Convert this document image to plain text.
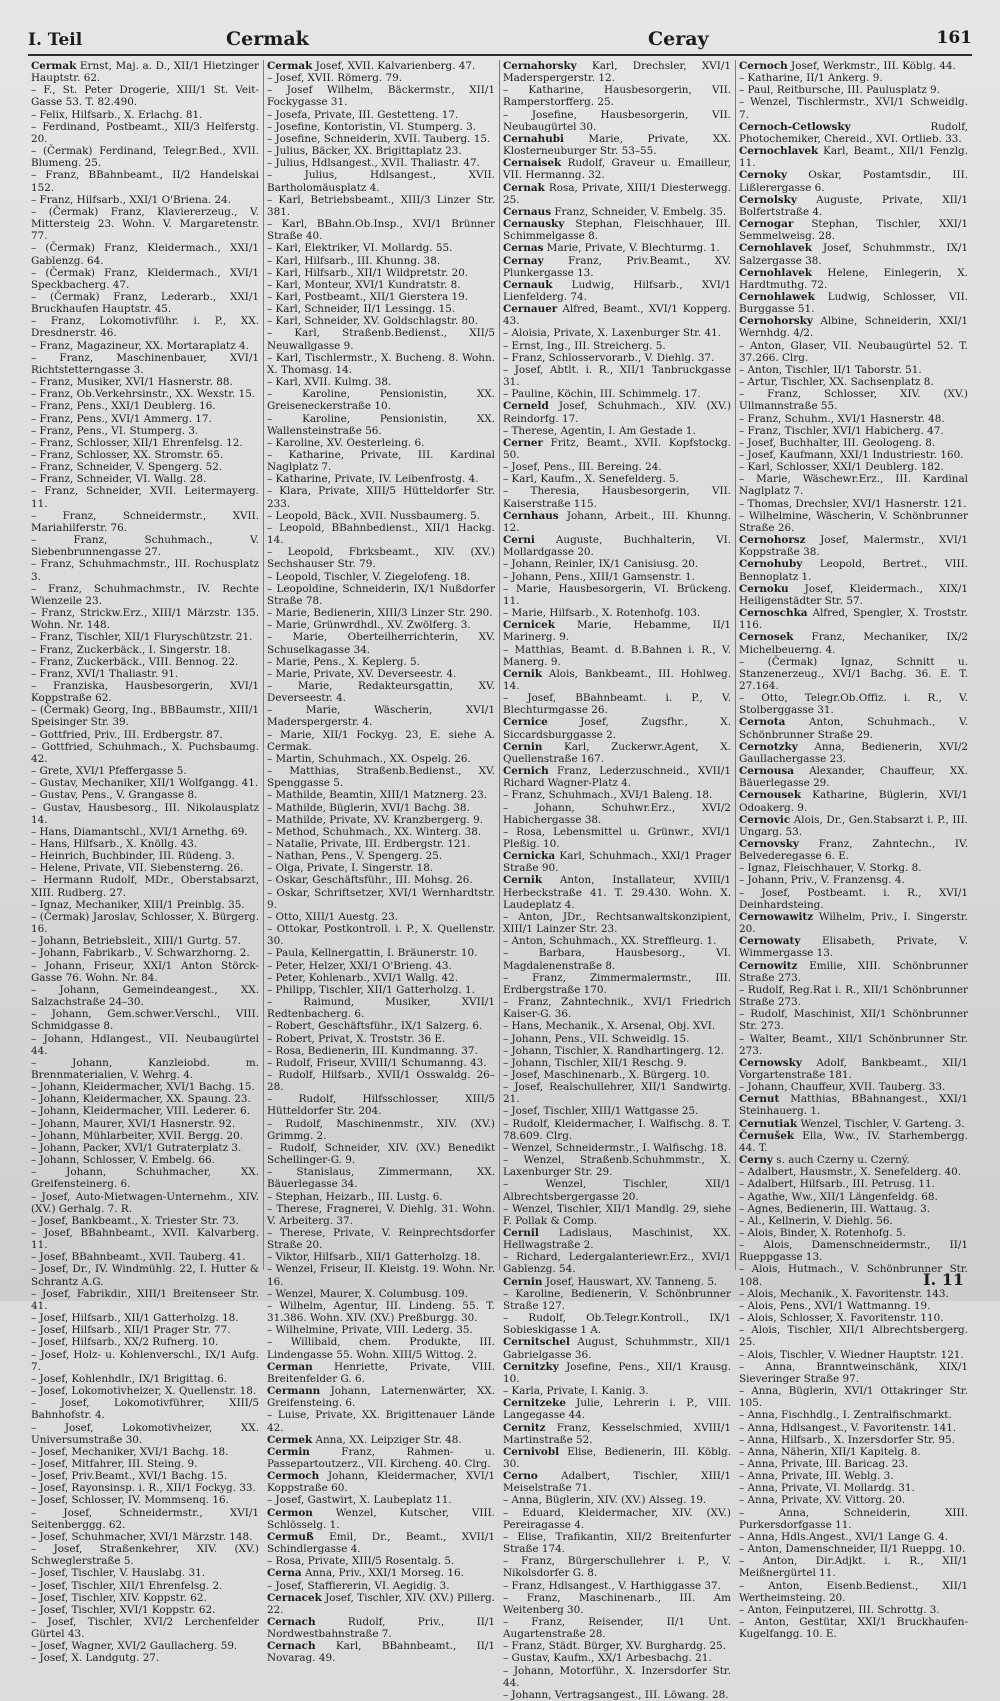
I. Teil	Cermak	Ceray	161

Cermak Ernst, Maj. a. D., XII/1 Hietzinger Hauptstr. 62.

– F., St. Peter Drogerie, XIII/1 St. Veit-Gasse 53. T. 82.490.

– Felix, Hilfsarb., X. Erlachg. 81.

– Ferdinand, Postbeamt., XII/3 Helferstg. 20.

– (Čermak) Ferdinand, Telegr.Bed., XVII. Blumeng. 25.

– Franz, BBahnbeamt., II/2 Handelskai 152.

– Franz, Hilfsarb., XXI/1 O'Briena. 24.

– (Čermak) Franz, Klaviererzeug., V. Mittersteig 23. Wohn. V. Margaretenstr. 77.

– (Čermak) Franz, Kleidermach., XXI/1 Gablenzg. 64.

– (Čermak) Franz, Kleidermach., XVI/1 Speckbacherg. 47.

– (Čermak) Franz, Lederarb., XXI/1 Bruckhaufen Hauptstr. 45.

– Franz, Lokomotivführ. i. P., XX. Dresdnerstr. 46.

– Franz, Magazineur, XX. Mortaraplatz 4.

– Franz, Maschinenbauer, XVI/1 Richtstetterngasse 3.

– Franz, Musiker, XVI/1 Hasnerstr. 88.

– Franz, Ob.Verkehrsinstr., XX. Wexstr. 15.

– Franz, Pens., XXI/1 Deublerg. 16.

– Franz, Pens., XVI/1 Ammerg. 17.

– Franz, Pens., VI. Stumperg. 3.

– Franz, Schlosser, XII/1 Ehrenfelsg. 12.

– Franz, Schlosser, XX. Stromstr. 65.

– Franz, Schneider, V. Spengerg. 52.

– Franz, Schneider, VI. Wallg. 28.

– Franz, Schneider, XVII. Leitermayerg. 11.

– Franz, Schneidermstr., XVII. Mariahilferstr. 76.

– Franz, Schuhmach., V. Siebenbrunnengasse 27.

– Franz, Schuhmachmstr., III. Rochusplatz 3.

– Franz, Schuhmachmstr., IV. Rechte Wienzeile 23.

– Franz, Strickw.Erz., XIII/1 Märzstr. 135. Wohn. Nr. 148.

– Franz, Tischler, XII/1 Fluryschützstr. 21.

– Franz, Zuckerbäck., I. Singerstr. 18.

– Franz, Zuckerbäck., VIII. Bennog. 22.

– Franz, XVI/1 Thaliastr. 91.

– Franziska, Hausbesorgerin, XVI/1 Koppstraße 62.

– (Čermak) Georg, Ing., BBBaumstr., XIII/1 Speisinger Str. 39.

– Gottfried, Priv., III. Erdbergstr. 87.

– Gottfried, Schuhmach., X. Puchsbaumg. 42.

– Grete, XVI/1 Pfeffergasse 5.

– Gustav, Mechaniker, XII/1 Wolfgangg. 41.

– Gustav, Pens., V. Grangasse 8.

– Gustav, Hausbesorg., III. Nikolausplatz 14.

– Hans, Diamantschl., XVI/1 Arnethg. 69.

– Hans, Hilfsarb., X. Knöllg. 43.

– Heinrich, Buchbinder, III. Rüdeng. 3.

– Helene, Private, VII. Siebensterng. 26.

– Hermann Rudolf, MDr., Oberstabsarzt, XIII. Rudberg. 27.

– Ignaz, Mechaniker, XIII/1 Preinblg. 35.

– (Čermak) Jaroslav, Schlosser, X. Bürgerg. 16.

– Johann, Betriebsleit., XIII/1 Gurtg. 57.

– Johann, Fabrikarb., V. Schwarzhorng. 2.

– Johann, Friseur, XXI/1 Anton Störck-Gasse 76. Wohn. Nr. 84.

– Johann, Gemeindeangest., XX. Salzachstraße 24–30.

– Johann, Gem.schwer.Verschl., VIII. Schmidgasse 8.

– Johann, Hdlangest., VII. Neubaugürtel 44.

– Johann, Kanzleiobd. m. Brennmaterialien, V. Wehrg. 4.

– Johann, Kleidermacher, XVI/1 Bachg. 15.

– Johann, Kleidermacher, XX. Spaung. 23.

– Johann, Kleidermacher, VIII. Lederer. 6.

– Johann, Maurer, XVI/1 Hasnerstr. 92.

– Johann, Mühlarbeiter, XVII. Bergg. 20.

– Johann, Packer, XVI/1 Gutraterplatz 3.

– Johann, Schlosser, V. Embelg. 66.

– Johann, Schuhmacher, XX. Greifensteinerg. 6.

– Josef, Auto-Mietwagen-Unternehm., XIV. (XV.) Gerhalg. 7. R.

– Josef, Bankbeamt., X. Triester Str. 73.

– Josef, BBahnbeamt., XVII. Kalvarberg. 11.

– Josef, BBahnbeamt., XVII. Tauberg. 41.

– Josef, Dr., IV. Windmühlg. 22, I. Hutter & Schrantz A.G.

– Josef, Fabrikdir., XIII/1 Breitenseer Str. 41.

– Josef, Hilfsarb., XII/1 Gatterholzg. 18.

– Josef, Hilfsarb., XII/1 Prager Str. 77.

– Josef, Hilfsarb., XX/2 Rufnerg. 10.

– Josef, Holz- u. Kohlenverschl., IX/1 Aufg. 7.

– Josef, Kohlenhdlr., IX/1 Brigittag. 6.

– Josef, Lokomotivheizer, X. Quellenstr. 18.

– Josef, Lokomotivführer, XIII/5 Bahnhofstr. 4.

– Josef, Lokomotivheizer, XX. Universumstraße 30.

– Josef, Mechaniker, XVI/1 Bachg. 18.

– Josef, Mitfahrer, III. Steing. 9.

– Josef, Priv.Beamt., XVI/1 Bachg. 15.

– Josef, Rayonsinsp. i. R., XII/1 Fockyg. 33.

– Josef, Schlosser, IV. Mommsenq. 16.

– Josef, Schneidermstr., XVI/1 Seitenberggg. 62.

– Josef, Schuhmacher, XVI/1 Märzstr. 148.

– Josef, Straßenkehrer, XIV. (XV.) Schweglerstraße 5.

– Josef, Tischler, V. Hauslabg. 31.

– Josef, Tischler, XII/1 Ehrenfelsg. 2.

– Josef, Tischler, XIV. Koppstr. 62.

– Josef, Tischler, XVI/1 Koppstr. 62.

– Josef, Tischler, XVI/2 Lerchenfelder Gürtel 43.

– Josef, Wagner, XVI/2 Gaullacherg. 59.

– Josef, X. Landgutg. 27.

Cermak Josef, XVII. Kalvarienberg. 47.

– Josef, XVII. Römerg. 79.

– Josef Wilhelm, Bäckermstr., XII/1 Fockygasse 31.

– Josefa, Private, III. Gestetteng. 17.

– Josefine, Kontoristin, VI. Stumperg. 3.

– Josefine, Schneiderin, XVII. Tauberg. 15.

– Julius, Bäcker, XX. Brigittaplatz 23.

– Julius, Hdlsangest., XVII. Thaliastr. 47.

– Julius, Hdlsangest., XVII. Bartholomäusplatz 4.

– Karl, Betriebsbeamt., XIII/3 Linzer Str. 381.

– Karl, BBahn.Ob.Insp., XVI/1 Brünner Straße 40.

– Karl, Elektriker, VI. Mollardg. 55.

– Karl, Hilfsarb., III. Khunng. 38.

– Karl, Hilfsarb., XII/1 Wildpretstr. 20.

– Karl, Monteur, XVI/1 Kundratstr. 8.

– Karl, Postbeamt., XII/1 Gierstera 19.

– Karl, Schneider, II/1 Lessingg. 15.

– Karl, Schneider, XV. Goldschlagstr. 80.

– Karl, Straßenb.Bedienst., XII/5 Neuwallgasse 9.

– Karl, Tischlermstr., X. Bucheng. 8. Wohn. X. Thomasg. 14.

– Karl, XVII. Kulmg. 38.

– Karoline, Pensionistin, XX. Greiseneckerstraße 10.

– Karoline, Pensionistin, XX. Wallensteinstraße 56.

– Karoline, XV. Oesterleing. 6.

– Katharine, Private, III. Kardinal Naglplatz 7.

– Katharine, Private, IV. Leibenfrostg. 4.

– Klara, Private, XIII/5 Hütteldorfer Str. 233.

– Leopold, Bäck., XVII. Nussbaumerg. 5.

– Leopold, BBahnbedienst., XII/1 Hackg. 14.

– Leopold, Fbrksbeamt., XIV. (XV.) Sechshauser Str. 79.

– Leopold, Tischler, V. Ziegelofeng. 18.

– Leopoldine, Schneiderin, IX/1 Nußdorfer Straße 78.

– Marie, Bedienerin, XIII/3 Linzer Str. 290.

– Marie, Grünwrdhdl., XV. Zwölferg. 3.

– Marie, Oberteilherrichterin, XV. Schuselkagasse 34.

– Marie, Pens., X. Keplerg. 5.

– Marie, Private, XV. Deverseestr. 4.

– Marie, Redakteursgattin, XV. Deverseestr. 4.

– Marie, Wäscherin, XVI/1 Maderspergerstr. 4.

– Marie, XII/1 Fockyg. 23, E. siehe A. Cermak.

– Martin, Schuhmach., XX. Ospelg. 26.

– Matthias, Straßenb.Bedienst., XV. Spenggasse 5.

– Mathilde, Beamtin, XIII/1 Matznerg. 23.

– Mathilde, Büglerin, XVI/1 Bachg. 38.

– Mathilde, Private, XV. Kranzbergerg. 9.

– Method, Schuhmach., XX. Winterg. 38.

– Natalie, Private, III. Erdbergstr. 121.

– Nathan, Pens., V. Spengerg. 25.

– Olga, Private, I. Singerstr. 18.

– Oskar, Geschäftsführ., III. Mohsg. 26.

– Oskar, Schriftsetzer, XVI/1 Wernhardtstr. 9.

– Otto, XIII/1 Auestg. 23.

– Ottokar, Postkontroll. i. P., X. Quellenstr. 30.

– Paula, Kellnergattin, I. Bräunerstr. 10.

– Peter, Helzer, XXI/1 O'Brieng. 43.

– Peter, Kohlenarb., XVI/1 Wallg. 42.

– Philipp, Tischler, XII/1 Gatterholzg. 1.

– Raimund, Musiker, XVII/1 Redtenbacherg. 6.

– Robert, Geschäftsführ., IX/1 Salzerg. 6.

– Robert, Privat, X. Troststr. 36 E.

– Rosa, Bedienerin, III. Kundmanng. 37.

– Rudolf, Friseur, XVIII/1 Schumanng. 43.

– Rudolf, Hilfsarb., XVII/1 Osswaldg. 26–28.

– Rudolf, Hilfsschlosser, XIII/5 Hütteldorfer Str. 204.

– Rudolf, Maschinenmstr., XIV. (XV.) Grimmg. 2.

– Rudolf, Schneider, XIV. (XV.) Benedikt Schellinger-G. 9.

– Stanislaus, Zimmermann, XX. Bäuerlegasse 34.

– Stephan, Heizarb., III. Lustg. 6.

– Therese, Fragnerei, V. Diehlg. 31. Wohn. V. Arbeiterg. 37.

– Therese, Private, V. Reinprechtsdorfer Straße 20.

– Viktor, Hilfsarb., XII/1 Gatterholzg. 18.

– Wenzel, Friseur, II. Kleistg. 19. Wohn. Nr. 16.

– Wenzel, Maurer, X. Columbusg. 109.

– Wilhelm, Agentur, III. Lindeng. 55. T. 31.386. Wohn. XIV. (XV.) Preßburgg. 30.

– Wilhelmine, Private, VIII. Lederg. 35.

– Willibald, chem. Produkte, III. Lindengasse 55. Wohn. XIII/5 Wittog. 2.

Cerman Henriette, Private, VIII. Breitenfelder G. 6.

Cermann Johann, Laternenwärter, XX. Greifensteing. 6.

– Luise, Private, XX. Brigittenauer Lände 42.

Cermek Anna, XX. Leipziger Str. 48.

Cermin Franz, Rahmen- u. Passepartoutzerz., VII. Kircheng. 40. Clrg.

Cermoch Johann, Kleidermacher, XVI/1 Koppstraße 60.

– Josef, Gastwirt, X. Laubeplatz 11.

Cermon Wenzel, Kutscher, VIII. Schlösselg. 1.

Cermuß Emil, Dr., Beamt., XVII/1 Schindlergasse 4.

– Rosa, Private, XIII/5 Rosentalg. 5.

Cerna Anna, Priv., XXI/1 Morseg. 16.

– Josef, Staffiererin, VI. Aegidig. 3.

Cernacek Josef, Tischler, XIV. (XV.) Pillerg. 22.

Cernach Rudolf, Priv., II/1 Nordwestbahnstraße 7.

Cernach Karl, BBahnbeamt., II/1 Novarag. 49.

Cernahorsky Karl, Drechsler, XVI/1 Maderspergerstr. 12.

– Katharine, Hausbesorgerin, VII. Ramperstorfferg. 25.

– Josefine, Hausbesorgerin, VII. Neubaugürtel 30.

Cernahubi Marie, Private, XX. Klosterneuburger Str. 53–55.

Cernaisek Rudolf, Graveur u. Emailleur, VII. Hermanng. 32.

Cernak Rosa, Private, XIII/1 Diesterwegg. 25.

Cernaus Franz, Schneider, V. Embelg. 35.

Cernausky Stephan, Fleischhauer, III. Schimmelgasse 8.

Cernas Marie, Private, V. Blechturmg. 1.

Cernay Franz, Priv.Beamt., XV. Plunkergasse 13.

Cernauk Ludwig, Hilfsarb., XVI/1 Lienfelderg. 74.

Cernauer Alfred, Beamt., XVI/1 Kopperg. 43.

– Aloisia, Private, X. Laxenburger Str. 41.

– Ernst, Ing., III. Streicherg. 5.

– Franz, Schlosservorarb., V. Diehlg. 37.

– Josef, Abtlt. i. R., XII/1 Tanbruckgasse 31.

– Pauline, Köchin, III. Schimmelg. 17.

Cerneld Josef, Schuhmach., XIV. (XV.) Reindorfg. 17.

– Therese, Agentin, I. Am Gestade 1.

Cerner Fritz, Beamt., XVII. Kopfstockg. 50.

– Josef, Pens., III. Bereing. 24.

– Karl, Kaufm., X. Senefelderg. 5.

– Theresia, Hausbesorgerin, VII. Kaiserstraße 115.

Cernhaus Johann, Arbeit., III. Khunng. 12.

Cerni Auguste, Buchhalterin, VI. Mollardgasse 20.

– Johann, Reinler, IX/1 Canisiusg. 20.

– Johann, Pens., XIII/1 Gamsenstr. 1.

– Marie, Hausbesorgerin, VI. Brückeng. 11.

– Marie, Hilfsarb., X. Rotenhofg. 103.

Cernicek Marie, Hebamme, II/1 Marinerg. 9.

– Matthias, Beamt. d. B.Bahnen i. R., V. Manerg. 9.

Cernik Alois, Bankbeamt., III. Hohlweg. 14.

– Josef, BBahnbeamt. i. P., V. Blechturmgasse 26.

Cernice Josef, Zugsfhr., X. Siccardsburggasse 2.

Cernin Karl, Zuckerwr.Agent, X. Quellenstraße 167.

Cernich Franz, Lederzuschneid., XVII/1 Richard Wagner-Platz 4.

– Franz, Schuhmach., XVI/1 Baleng. 18.

– Johann, Schuhwr.Erz., XVI/2 Habichergasse 38.

– Rosa, Lebensmittel u. Grünwr., XVI/1 Pleßig. 10.

Cernicka Karl, Schuhmach., XXI/1 Prager Straße 90.

Cernik Anton, Installateur, XVIII/1 Herbeckstraße 41. T. 29.430. Wohn. X. Laudeplatz 4.

– Anton, JDr., Rechtsanwaltskonzipient, XIII/1 Lainzer Str. 23.

– Anton, Schuhmach., XX. Streffleurg. 1.

– Barbara, Hausbesorg., VI. Magdalenenstraße 8.

– Franz, Zimmermalermstr., III. Erdbergstraße 170.

– Franz, Zahntechnik., XVI/1 Friedrich Kaiser-G. 36.

– Hans, Mechanik., X. Arsenal, Obj. XVI.

– Johann, Pens., VII. Schweidlg. 15.

– Johann, Tischler, X. Randhartingerg. 12.

– Johann, Tischler, XII/1 Reschg. 9.

– Josef, Maschinenarb., X. Bürgerg. 10.

– Josef, Realschullehrer, XII/1 Sandwirtg. 21.

– Josef, Tischler, XIII/1 Wattgasse 25.

– Rudolf, Kleidermacher, I. Walfischg. 8. T. 78.609. Clrg.

– Wenzel, Schneidermstr., I. Walfischg. 18.

– Wenzel, Straßenb.Schuhmmstr., X. Laxenburger Str. 29.

– Wenzel, Tischler, XII/1 Albrechtsbergergasse 20.

– Wenzel, Tischler, XII/1 Mandlg. 29, siehe F. Pollak & Comp.

Cernil Ladislaus, Maschinist, XX. Hellwagstraße 2.

– Richard, Ledergalanteriewr.Erz., XVI/1 Gablenzg. 54.

Cernin Josef, Hauswart, XV. Tanneng. 5.

– Karoline, Bedienerin, V. Schönbrunner Straße 127.

– Rudolf, Ob.Telegr.Kontroll., IX/1 Sobieskigasse 1 A.

Cernitschel August, Schuhmmstr., XII/1 Gabrielgasse 36.

Cernitzky Josefine, Pens., XII/1 Krausg. 10.

– Karla, Private, I. Kanig. 3.

Cernitzeke Julie, Lehrerin i. P., VIII. Langegasse 44.

Cernitz Franz, Kesselschmied, XVIII/1 Martinstraße 52.

Cernivobl Elise, Bedienerin, III. Köblg. 30.

Cerno Adalbert, Tischler, XIII/1 Meiselstraße 71.

– Anna, Büglerin, XIV. (XV.) Alsseg. 19.

– Eduard, Kleidermacher, XIV. (XV.) Pereiragasse 4.

– Elise, Trafikantin, XII/2 Breitenfurter Straße 174.

– Franz, Bürgerschullehrer i. P., V. Nikolsdorfer G. 8.

– Franz, Hdlsangest., V. Harthiggasse 37.

– Franz, Maschinenarb., III. Am Weitenberg 30.

– Franz, Reisender, II/1 Unt. Augartenstraße 28.

– Franz, Städt. Bürger, XV. Burghardg. 25.

– Gustav, Kaufm., XX/1 Arbesbachg. 21.

– Johann, Motorführ., X. Inzersdorfer Str. 44.

– Johann, Vertragsangest., III. Löwang. 28.

Cernoch Josef, Werkmstr., III. Köblg. 44.

– Katharine, II/1 Ankerg. 9.

– Paul, Reitbursche, III. Paulusplatz 9.

– Wenzel, Tischlermstr., XVI/1 Schweidlg. 7.

Cernoch-Cetlowsky Rudolf, Photochemiker, Chereid., XVI. Ortlieb. 33.

Cernochlavek Karl, Beamt., XII/1 Fenzlg. 11.

Cernoky Oskar, Postamtsdir., III. Lißlerergasse 6.

Cernolsky Auguste, Private, XII/1 Bolfertstraße 4.

Cernogar Stephan, Tischler, XXI/1 Semmelweisg. 28.

Cernohlavek Josef, Schuhmmstr., IX/1 Salzergasse 38.

Cernohlavek Helene, Einlegerin, X. Hardtmuthg. 72.

Cernohlawek Ludwig, Schlosser, VII. Burggasse 51.

Cernohorsky Albine, Schneiderin, XXI/1 Wernhdg. 4/2.

– Anton, Glaser, VII. Neubaugürtel 52. T. 37.266. Clrg.

– Anton, Tischler, II/1 Taborstr. 51.

– Artur, Tischler, XX. Sachsenplatz 8.

– Franz, Schlosser, XIV. (XV.) Ullmannstraße 55.

– Franz, Schuhm., XVI/1 Hasnerstr. 48.

– Franz, Tischler, XVI/1 Habicherg. 47.

– Josef, Buchhalter, III. Geologeng. 8.

– Josef, Kaufmann, XXI/1 Industriestr. 160.

– Karl, Schlosser, XXI/1 Deublerg. 182.

– Marie, Wäschewr.Erz., III. Kardinal Naglplatz 7.

– Thomas, Drechsler, XVI/1 Hasnerstr. 121.

– Wilhelmine, Wäscherin, V. Schönbrunner Straße 26.

Cernohorsz Josef, Malermstr., XVI/1 Koppstraße 38.

Cernohuby Leopold, Bertret., VIII. Bennoplatz 1.

Cernoku Josef, Kleidermach., XIX/1 Heiligenstädter Str. 57.

Cernoschka Alfred, Spengler, X. Troststr. 116.

Cernosek Franz, Mechaniker, IX/2 Michelbeuerng. 4.

– (Čermak) Ignaz, Schnitt u. Stanzenerzeug., XVI/1 Bachg. 36. E. T. 27.164.

– Otto, Telegr.Ob.Offiz. i. R., V. Stolberggasse 31.

Cernota Anton, Schuhmach., V. Schönbrunner Straße 29.

Cernotzky Anna, Bedienerin, XVI/2 Gaullachergasse 23.

Cernousa Alexander, Chauffeur, XX. Bäuerlegasse 29.

Cernousek Katharine, Büglerin, XVI/1 Odoakerg. 9.

Cernovic Alois, Dr., Gen.Stabsarzt i. P., III. Ungarg. 53.

Cernovsky Franz, Zahntechn., IV. Belvederegasse 6. E.

– Ignaz, Fleischhauer, V. Storkg. 8.

– Johann, Priv., V. Franzensg. 4.

– Josef, Postbeamt. i. R., XVI/1 Deinhardsteing.

Cernowawitz Wilhelm, Priv., I. Singerstr. 20.

Cernowaty Elisabeth, Private, V. Wimmergasse 13.

Cernowitz Emilie, XIII. Schönbrunner Straße 273.

– Rudolf, Reg.Rat i. R., XII/1 Schönbrunner Straße 273.

– Rudolf, Maschinist, XII/1 Schönbrunner Str. 273.

– Walter, Beamt., XII/1 Schönbrunner Str. 273.

Cernowsky Adolf, Bankbeamt., XII/1 Vorgartenstraße 181.

– Johann, Chauffeur, XVII. Tauberg. 33.

Cernut Matthias, BBahnangest., XXI/1 Steinhauerg. 1.

Cernutiak Wenzel, Tischler, V. Garteng. 3.

Černušek Ella, Ww., IV. Starhembergg. 44. T.

Cerny s. auch Czerny u. Czerný.

– Adalbert, Hausmstr., X. Senefelderg. 40.

– Adalbert, Hilfsarb., III. Petrusg. 11.

– Agathe, Ww., XII/1 Längenfeldg. 68.

– Agnes, Bedienerin, III. Wattaug. 3.

– Al., Kellnerin, V. Diehlg. 56.

– Alois, Binder, X. Rotenhofg. 5.

– Alois, Damenschneidermstr., II/1 Rueppgasse 13.

– Alois, Hutmach., V. Schönbrunner Str. 108.

– Alois, Mechanik., X. Favoritenstr. 143.

– Alois, Pens., XVI/1 Wattmanng. 19.

– Alois, Schlosser, X. Favoritenstr. 110.

– Alois, Tischler, XII/1 Albrechtsbergerg. 25.

– Alois, Tischler, V. Wiedner Hauptstr. 121.

– Anna, Branntweinschänk, XIX/1 Sieveringer Straße 97.

– Anna, Büglerin, XVI/1 Ottakringer Str. 105.

– Anna, Fischhdlg., I. Zentralfischmarkt.

– Anna, Hdlsangest., V. Favoritenstr. 141.

– Anna, Hilfsarb., X. Inzersdorfer Str. 95.

– Anna, Näherin, XII/1 Kapitelg. 8.

– Anna, Private, III. Baricag. 23.

– Anna, Private, III. Weblg. 3.

– Anna, Private, VI. Mollardg. 31.

– Anna, Private, XV. Vittorg. 20.

– Anna, Schneiderin, XIII. Purkersdorfgasse 11.

– Anna, Hdls.Angest., XVI/1 Lange G. 4.

– Anton, Damenschneider, II/1 Rueppg. 10.

– Anton, Dir.Adjkt. i. R., XII/1 Meißnergürtel 11.

– Anton, Eisenb.Bedienst., XII/1 Wertheimsteing. 20.

– Anton, Feinputzerei, III. Schrottg. 3.

– Anton, Gestütar, XXI/1 Bruckhaufen-Kugelfangg. 10. E.

I. 11
